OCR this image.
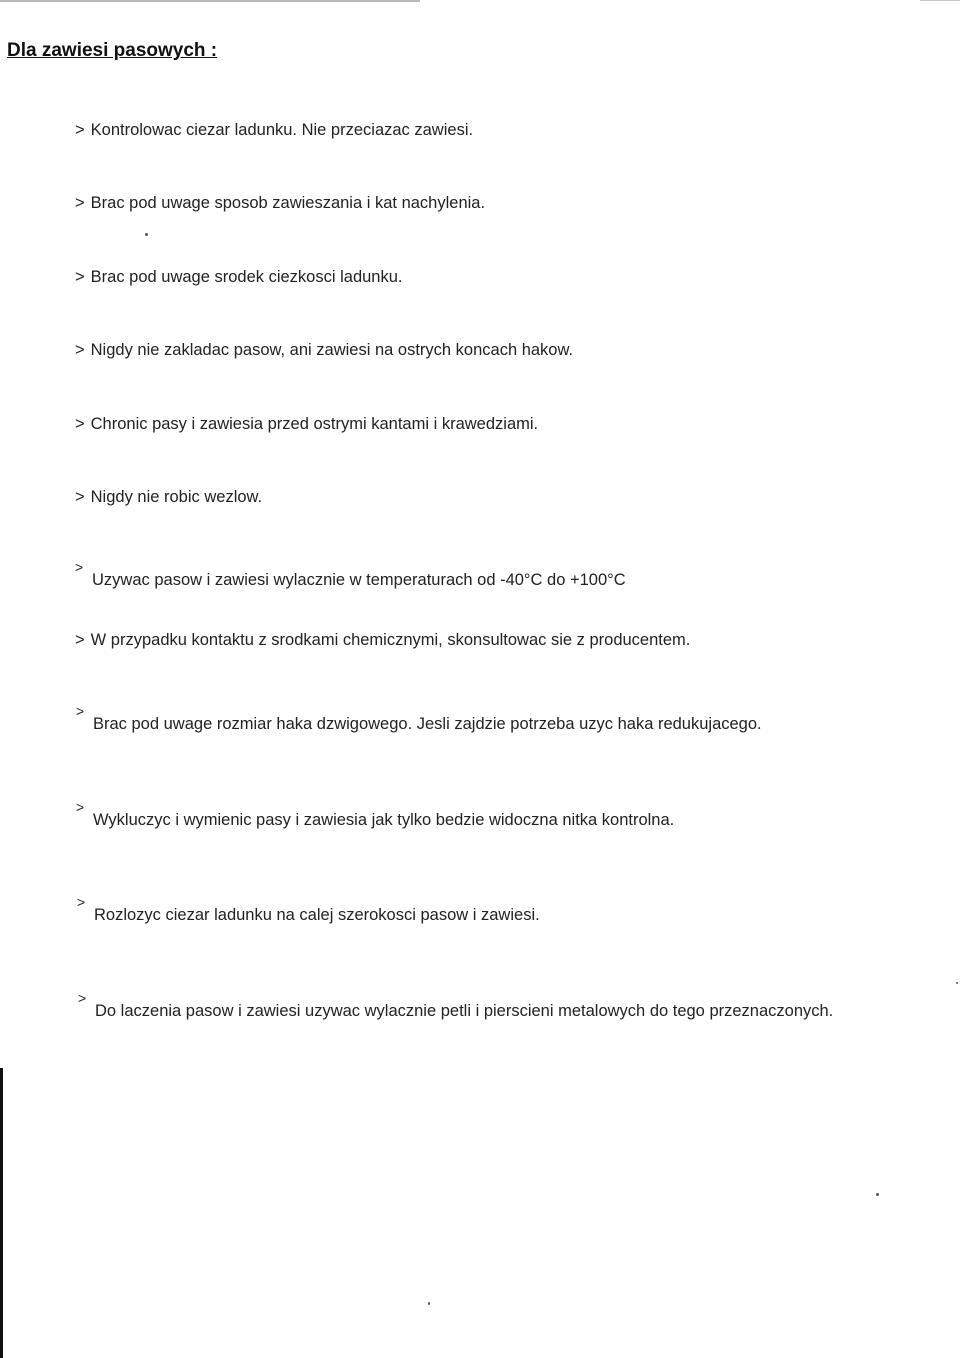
Dla zawiesi pasowych :
> Kontrolowac ciezar ladunku. Nie przeciazac zawiesi.
> Brac pod uwage sposob zawieszania i kat nachylenia.
> Brac pod uwage srodek ciezkosci ladunku.
> Nigdy nie zakladac pasow, ani zawiesi na ostrych koncach hakow.
> Chronic pasy i zawiesia przed ostrymi kantami i krawedziami.
> Nigdy nie robic wezlow.
>
Uzywac pasow i zawiesi wylacznie w temperaturach od -40°C do +100°C
> W przypadku kontaktu z srodkami chemicznymi, skonsultowac sie z producentem.
>
Brac pod uwage rozmiar haka dzwigowego. Jesli zajdzie potrzeba uzyc haka redukujacego.
>
Wykluczyc i wymienic pasy i zawiesia jak tylko bedzie widoczna nitka kontrolna.
>
Rozlozyc ciezar ladunku na calej szerokosci pasow i zawiesi.
>
Do laczenia pasow i zawiesi uzywac wylacznie petli i pierscieni metalowych do tego przeznaczonych.
